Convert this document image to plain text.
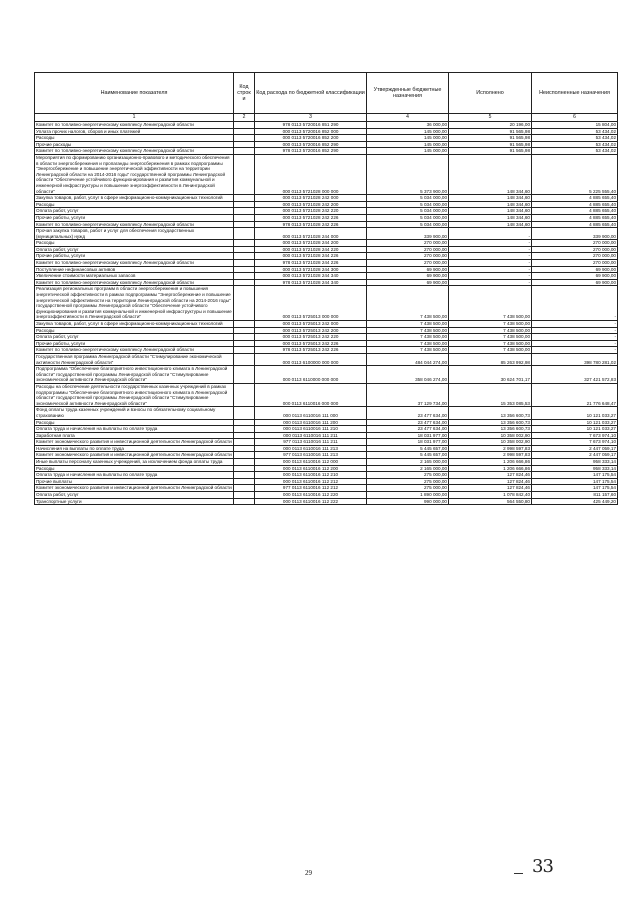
Наименование показателя	Код строк и	Код расхода по бюджетной классификации	Утвержденные бюджетные назначения	Исполнено	Неисполненные назначения
1	2	3	4	5	6
Комитет по топливно-энергетическому комплексу Ленинградской области		978 0113 5720016 851 290	36 000,00	20 196,00	15 804,00
Уплата прочих налогов, сборов и иных платежей		000 0113 5720016 852 000	145 000,00	91 565,98	53 434,02
Расходы		000 0113 5720016 852 200	145 000,00	91 565,98	53 434,02
Прочие расходы		000 0113 5720016 852 290	145 000,00	91 565,98	53 434,02
Комитет по топливно-энергетическому комплексу Ленинградской области		978 0113 5720016 852 290	145 000,00	91 565,98	53 434,02
Мероприятия по формированию организационно-правового и методического обеспечения в области энергосбережения и пропаганды энергосбережения в рамках подпрограммы "Энергосбережение и повышение энергетической эффективности на территории Ленинградской области на 2014-2016 годы" государственной программы Ленинградской области "Обеспечение устойчивого функционирования и развития коммунальной и инженерной инфраструктуры и повышение энергоэффективности в Ленинградской области"		000 0113 5721028 000 000	5 373 900,00	148 344,60	5 225 555,40
Закупка товаров, работ, услуг в сфере информационно-коммуникационных технологий		000 0113 5721028 242 000	5 034 000,00	148 344,60	4 885 655,40
Расходы		000 0113 5721028 242 200	5 034 000,00	148 344,60	4 885 655,40
Оплата работ, услуг		000 0113 5721028 242 220	5 034 000,00	148 344,60	4 885 655,40
Прочие работы, услуги		000 0113 5721028 242 226	5 034 000,00	148 344,60	4 885 655,40
Комитет по топливно-энергетическому комплексу Ленинградской области		978 0113 5721028 242 226	5 034 000,00	148 344,60	4 885 655,40
Прочая закупка товаров, работ и услуг для обеспечения государственных (муниципальных) нужд		000 0113 5721028 244 000	339 900,00	-	339 900,00
Расходы		000 0113 5721028 244 200	270 000,00	-	270 000,00
Оплата работ, услуг		000 0113 5721028 244 220	270 000,00	-	270 000,00
Прочие работы, услуги		000 0113 5721028 244 226	270 000,00	-	270 000,00
Комитет по топливно-энергетическому комплексу Ленинградской области		978 0113 5721028 244 226	270 000,00	-	270 000,00
Поступление нефинансовых активов		000 0113 5721028 244 300	69 900,00	-	69 900,00
Увеличение стоимости материальных запасов		000 0113 5721028 244 340	69 900,00	-	69 900,00
Комитет по топливно-энергетическому комплексу Ленинградской области		978 0113 5721028 244 340	69 900,00	-	69 900,00
Реализация региональных программ в области энергосбережения и повышения энергетической эффективности в рамках подпрограммы "Энергосбережение и повышение энергетической эффективности на территории Ленинградской области на 2014-2016 годы" государственной программы Ленинградской области "Обеспечение устойчивого функционирования и развития коммунальной и инженерной инфраструктуры и повышение энергоэффективности в Ленинградской области"		000 0113 5725013 000 000	7 438 500,00	7 438 500,00	-
Закупка товаров, работ, услуг в сфере информационно-коммуникационных технологий		000 0113 5725013 242 000	7 438 500,00	7 438 500,00	-
Расходы		000 0113 5725013 242 200	7 438 500,00	7 438 500,00	-
Оплата работ, услуг		000 0113 5725013 242 220	7 438 500,00	7 438 500,00	-
Прочие работы, услуги		000 0113 5725013 242 226	7 438 500,00	7 438 500,00	-
Комитет по топливно-энергетическому комплексу Ленинградской области		978 0113 5725013 242 226	7 438 500,00	7 438 500,00	-
Государственная программа Ленинградской области "Стимулирование экономической активности Ленинградской области"		000 0113 6100000 000 000	484 044 274,00	85 263 992,98	398 780 281,02
Подпрограмма "Обеспечение благоприятного инвестиционного климата в Ленинградской области" государственной программы Ленинградской области "Стимулирование экономической активности Ленинградской области"		000 0113 6110000 000 000	358 046 274,00	30 624 701,17	327 421 572,83
Расходы на обеспечение деятельности государственных казенных учреждений в рамках подпрограммы "Обеспечение благоприятного инвестиционного климата в Ленинградской области" государственной программы Ленинградской области "Стимулирование экономической активности Ленинградской области"		000 0113 6110016 000 000	37 129 734,00	15 353 085,53	21 776 648,47
Фонд оплаты труда казенных учреждений и взносы по обязательному социальному страхованию		000 0113 6110016 111 000	23 477 634,00	13 356 600,73	10 121 033,27
Расходы		000 0113 6110016 111 200	23 477 634,00	13 356 600,73	10 121 033,27
Оплата труда и начисления на выплаты по оплате труда		000 0113 6110016 111 210	23 477 634,00	13 356 600,73	10 121 033,27
Заработная плата		000 0113 6110016 111 211	18 031 977,00	10 358 002,90	7 673 974,10
Комитет экономического развития и инвестиционной деятельности Ленинградской области		977 0113 6110016 111 211	18 031 977,00	10 358 002,90	7 673 974,10
Начисления на выплаты по оплате труда		000 0113 6110016 111 213	5 445 657,00	2 998 597,83	2 447 059,17
Комитет экономического развития и инвестиционной деятельности Ленинградской области		977 0113 6110016 111 213	5 445 657,00	2 998 597,83	2 447 059,17
Иные выплаты персоналу казенных учреждений, за исключением фонда оплаты труда		000 0113 6110016 112 000	2 165 000,00	1 206 666,86	958 333,14
Расходы		000 0113 6110016 112 200	2 165 000,00	1 206 666,86	958 333,14
Оплата труда и начисления на выплаты по оплате труда		000 0113 6110016 112 210	275 000,00	127 824,46	147 175,54
Прочие выплаты		000 0113 6110016 112 212	275 000,00	127 824,46	147 175,54
Комитет экономического развития и инвестиционной деятельности Ленинградской области		977 0113 6110016 112 212	275 000,00	127 824,46	147 175,54
Оплата работ, услуг		000 0113 6110016 112 220	1 890 000,00	1 078 842,40	811 157,60
Транспортные услуги		000 0113 6110016 112 222	990 000,00	564 550,80	425 449,20
29	33
